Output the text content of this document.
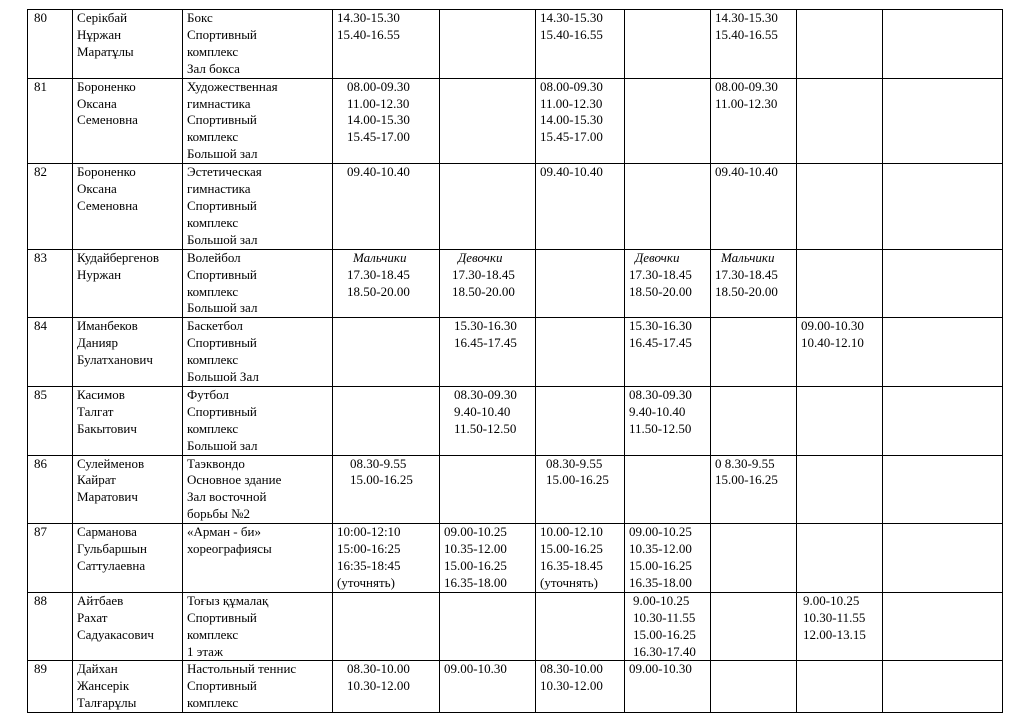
80	Серікбай
Нұржан
Маратұлы	Бокс
Спортивный
комплекс
Зал бокса	14.30-15.30
15.40-16.55		14.30-15.30
15.40-16.55		14.30-15.30
15.40-16.55		

81	Бороненко
Оксана
Семеновна	Художественная
гимнастика
Спортивный
комплекс
Большой зал	08.00-09.30
11.00-12.30
14.00-15.30
15.45-17.00		08.00-09.30
11.00-12.30
14.00-15.30
15.45-17.00		08.00-09.30
11.00-12.30		

82	Бороненко
Оксана
Семеновна	Эстетическая
гимнастика
Спортивный
комплекс
Большой зал	09.40-10.40		09.40-10.40		09.40-10.40		

83	Кудайбергенов
Нуржан	Волейбол
Спортивный
комплекс
Большой зал	Мальчики
17.30-18.45
18.50-20.00	Девочки
17.30-18.45
18.50-20.00		Девочки
17.30-18.45
18.50-20.00	Мальчики
17.30-18.45
18.50-20.00		

84	Иманбеков
Данияр
Булатханович	Баскетбол
Спортивный
комплекс
Большой Зал		15.30-16.30
16.45-17.45		15.30-16.30
16.45-17.45		09.00-10.30
10.40-12.10	

85	Касимов
Талгат
Бакытович	Футбол
Спортивный
комплекс
Большой зал		08.30-09.30
9.40-10.40
11.50-12.50		08.30-09.30
9.40-10.40
11.50-12.50			

86	Сулейменов
Кайрат
Маратович	Таэквондо
Основное здание
Зал восточной
борьбы №2	08.30-9.55
15.00-16.25		08.30-9.55
15.00-16.25		0 8.30-9.55
15.00-16.25		

87	Сарманова
Гульбаршын
Саттулаевна	«Арман - би»
хореографиясы	10:00-12:10
15:00-16:25
16:35-18:45
(уточнять)	09.00-10.25
10.35-12.00
15.00-16.25
16.35-18.00	10.00-12.10
15.00-16.25
16.35-18.45
(уточнять)	09.00-10.25
10.35-12.00
15.00-16.25
16.35-18.00			

88	Айтбаев
Рахат
Садуакасович	Тоғыз құмалақ
Спортивный
комплекс
1 этаж				9.00-10.25
10.30-11.55
15.00-16.25
16.30-17.40		9.00-10.25
10.30-11.55
12.00-13.15	

89	Дайхан
Жансерік
Талғарұлы	Настольный теннис
Спортивный
комплекс	08.30-10.00
10.30-12.00	09.00-10.30	08.30-10.00
10.30-12.00	09.00-10.30			
